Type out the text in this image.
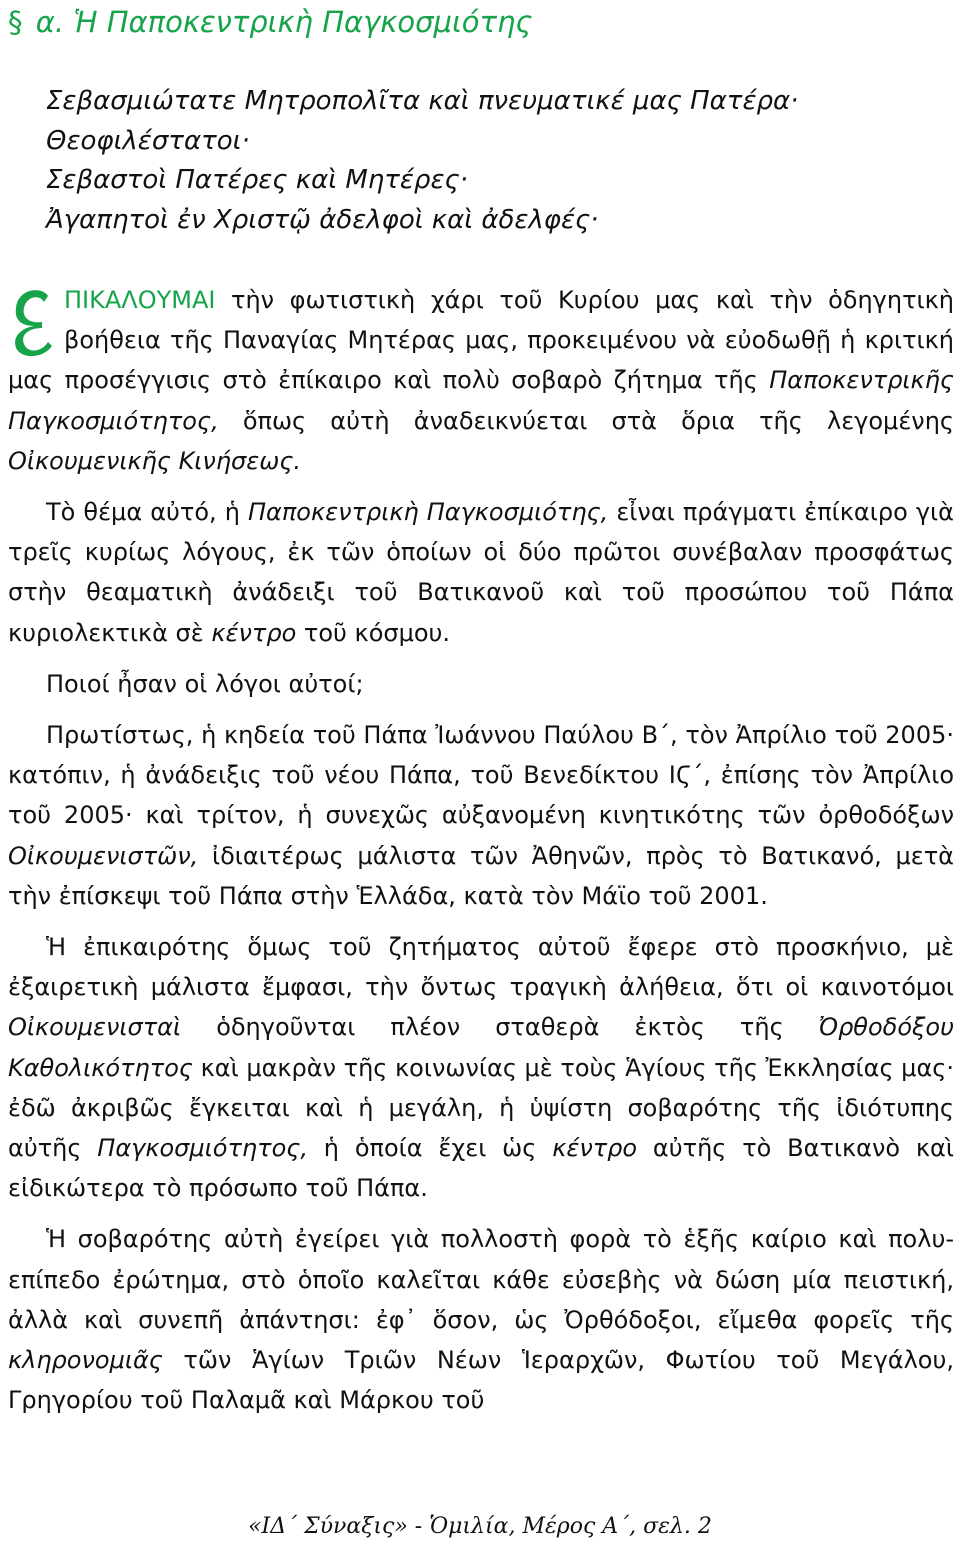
§ α. Ἡ Παποκεντρικὴ Παγκοσμιότης
Σεβασμιώτατε Μητροπολῖτα καὶ πνευματικέ μας Πατέρα·
Θεοφιλέστατοι·
Σεβαστοὶ Πατέρες καὶ Μητέρες·
Ἀγαπητοὶ ἐν Χριστῷ ἀδελφοὶ καὶ ἀδελφές·

ΠΙΚΑΛΟΥΜΑΙ τὴν φωτιστικὴ χάρι τοῦ Κυρίου μας καὶ τὴν ὁδηγητικὴ βοήθεια τῆς Παναγίας Μητέρας μας, προκειμένου νὰ εὐοδωθῇ ἡ κριτική μας προσέγγισις στὸ ἐπίκαιρο καὶ πολὺ σοβαρὸ ζήτημα τῆς Παποκεντρικῆς Παγκοσμιότητος, ὅπως αὐτὴ ἀναδεικνύεται στὰ ὅρια τῆς λεγομένης Οἰκουμενικῆς Κινήσεως.

Τὸ θέμα αὐτό, ἡ Παποκεντρικὴ Παγκοσμιότης, εἶναι πράγματι ἐπίκαιρο γιὰ τρεῖς κυρίως λόγους, ἐκ τῶν ὁποίων οἱ δύο πρῶτοι συνέβαλαν προσφάτως στὴν θεαματικὴ ἀνάδειξι τοῦ Βατικανοῦ καὶ τοῦ προσώπου τοῦ Πάπα κυριολεκτικὰ σὲ κέντρο τοῦ κόσμου.

Ποιοί ἦσαν οἱ λόγοι αὐτοί;

Πρωτίστως, ἡ κηδεία τοῦ Πάπα Ἰωάννου Παύλου Β΄, τὸν Ἀπρίλιο τοῦ 2005· κατόπιν, ἡ ἀνάδειξις τοῦ νέου Πάπα, τοῦ Βενεδίκτου ΙϚ΄, ἐπίσης τὸν Ἀπρίλιο τοῦ 2005· καὶ τρίτον, ἡ συνεχῶς αὐξανομένη κινητικότης τῶν ὀρθοδόξων Οἰκουμενιστῶν, ἰδιαιτέρως μάλιστα τῶν Ἀθηνῶν, πρὸς τὸ Βατικανό, μετὰ τὴν ἐπίσκεψι τοῦ Πάπα στὴν Ἑλλάδα, κατὰ τὸν Μάϊο τοῦ 2001.

Ἡ ἐπικαιρότης ὅμως τοῦ ζητήματος αὐτοῦ ἔφερε στὸ προσκήνιο, μὲ ἐξαιρετικὴ μάλιστα ἔμφασι, τὴν ὄντως τραγικὴ ἀλήθεια, ὅτι οἱ καινοτόμοι Οἰκουμενισταὶ ὁδηγοῦνται πλέον σταθερὰ ἐκτὸς τῆς Ὀρθοδόξου Καθολικότητος καὶ μακρὰν τῆς κοινωνίας μὲ τοὺς Ἁγίους τῆς Ἐκκλησίας μας· ἐδῶ ἀκριβῶς ἔγκειται καὶ ἡ μεγάλη, ἡ ὑψίστη σοβαρότης τῆς ἰδιότυπης αὐτῆς Παγκοσμιότητος, ἡ ὁποία ἔχει ὡς κέντρο αὐτῆς τὸ Βατικανὸ καὶ εἰδικώτερα τὸ πρόσωπο τοῦ Πάπα.

Ἡ σοβαρότης αὐτὴ ἐγείρει γιὰ πολλοστὴ φορὰ τὸ ἑξῆς καίριο καὶ πολυ-επίπεδο ἐρώτημα, στὸ ὁποῖο καλεῖται κάθε εὐσεβὴς νὰ δώση μία πειστική, ἀλλὰ καὶ συνεπῆ ἀπάντησι: ἐφ᾽ ὅσον, ὡς Ὀρθόδοξοι, εἴμεθα φορεῖς τῆς κληρονομιᾶς τῶν Ἁγίων Τριῶν Νέων Ἱεραρχῶν, Φωτίου τοῦ Μεγάλου, Γρηγορίου τοῦ Παλαμᾶ καὶ Μάρκου τοῦ

«ΙΔ΄ Σύναξις» - Ὁμιλία, Μέρος Α΄, σελ. 2
